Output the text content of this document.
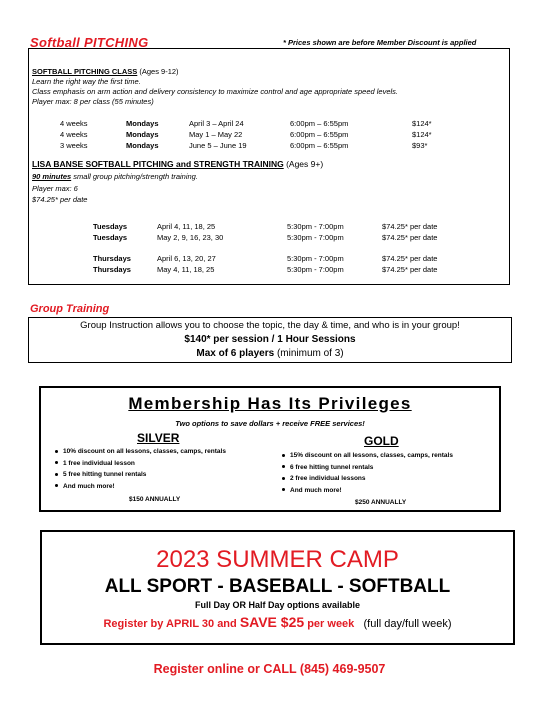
Softball PITCHING	* Prices shown are before Member Discount is applied
SOFTBALL PITCHING CLASS (Ages 9-12)
Learn the right way the first time.
Class emphasis on arm action and delivery consistency to maximize control and age appropriate speed levels.
Player max: 8 per class (55 minutes)
4 weeks	Mondays	April 3 – April 24	6:00pm – 6:55pm	$124*
4 weeks	Mondays	May 1 – May 22	6:00pm – 6:55pm	$124*
3 weeks	Mondays	June 5 – June 19	6:00pm – 6:55pm	$93*
LISA BANSE SOFTBALL PITCHING and STRENGTH TRAINING (Ages 9+)
90 minutes small group pitching/strength training.
Player max: 6
$74.25* per date
Tuesdays	April 4, 11, 18, 25	5:30pm - 7:00pm	$74.25* per date
Tuesdays	May 2, 9, 16, 23, 30	5:30pm - 7:00pm	$74.25* per date
Thursdays	April 6, 13, 20, 27	5:30pm - 7:00pm	$74.25* per date
Thursdays	May 4, 11, 18, 25	5:30pm - 7:00pm	$74.25* per date
Group Training
Group Instruction allows you to choose the topic, the day & time, and who is in your group!
$140* per session / 1 Hour Sessions
Max of 6 players (minimum of 3)
Membership Has Its Privileges
Two options to save dollars + receive FREE services!
SILVER
10% discount on all lessons, classes, camps, rentals
1 free individual lesson
5 free hitting tunnel rentals
And much more!
$150 ANNUALLY
GOLD
15% discount on all lessons, classes, camps, rentals
6 free hitting tunnel rentals
2 free individual lessons
And much more!
$250 ANNUALLY
2023 SUMMER CAMP
ALL SPORT - BASEBALL - SOFTBALL
Full Day OR Half Day options available
Register by APRIL 30 and SAVE $25 per week (full day/full week)
Register online or CALL (845) 469-9507
